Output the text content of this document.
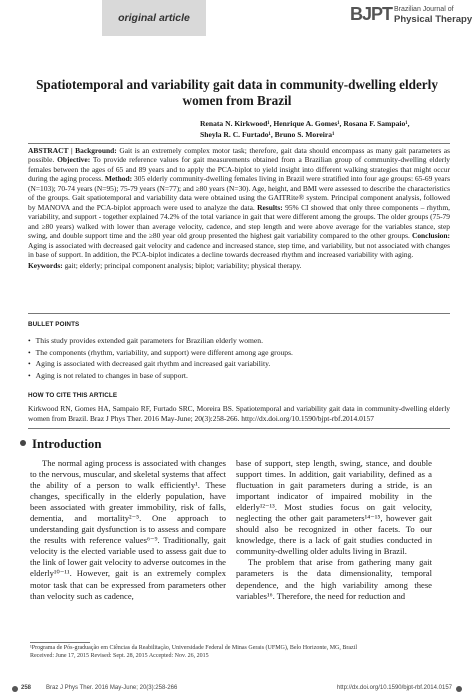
original article	BJPT Brazilian Journal of
Physical Therapy
Spatiotemporal and variability gait data in community-dwelling elderly women from Brazil
Renata N. Kirkwood¹, Henrique A. Gomes¹, Rosana F. Sampaio¹,
Sheyla R. C. Furtado¹, Bruno S. Moreira¹
ABSTRACT | Background: Gait is an extremely complex motor task; therefore, gait data should encompass as many gait parameters as possible. Objective: To provide reference values for gait measurements obtained from a Brazilian group of community-dwelling elderly females between the ages of 65 and 89 years and to apply the PCA-biplot to yield insight into different walking strategies that might occur during the aging process. Method: 305 elderly community-dwelling females living in Brazil were stratified into four age groups: 65-69 years (N=103); 70-74 years (N=95); 75-79 years (N=77); and ≥80 years (N=30). Age, height, and BMI were assessed to describe the characteristics of the groups. Gait spatiotemporal and variability data were obtained using the GAITRite® system. Principal component analysis, followed by MANOVA and the PCA-biplot approach were used to analyze the data. Results: 95% CI showed that only three components – rhythm, variability, and support - together explained 74.2% of the total variance in gait that were different among the groups. The older groups (75-79 and ≥80 years) walked with lower than average velocity, cadence, and step length and were above average for the variables stance, step swing, and double support time and the ≥80 year old group presented the highest gait variability compared to the other groups. Conclusion: Aging is associated with decreased gait velocity and cadence and increased stance, step time, and variability, but not associated with changes in base of support. In addition, the PCA-biplot indicates a decline towards decreased rhythm and increased variability with aging.
Keywords: gait; elderly; principal component analysis; biplot; variability; physical therapy.
BULLET POINTS
• This study provides extended gait parameters for Brazilian elderly women.
• The components (rhythm, variability, and support) were different among age groups.
• Aging is associated with decreased gait rhythm and increased gait variability.
• Aging is not related to changes in base of support.
HOW TO CITE THIS ARTICLE
Kirkwood RN, Gomes HA, Sampaio RF, Furtado SRC, Moreira BS. Spatiotemporal and variability gait data in community-dwelling elderly women from Brazil. Braz J Phys Ther. 2016 May-June; 20(3):258-266. http://dx.doi.org/10.1590/bjpt-rbf.2014.0157
Introduction

The normal aging process is associated with changes to the nervous, muscular, and skeletal systems that affect the ability of a person to walk efficiently¹. These changes, specifically in the elderly population, have been associated with greater immobility, risk of falls, dementia, and mortality²⁻⁵. One approach to understanding gait dysfunction is to assess and compare the results with reference values⁶⁻⁹. Traditionally, gait velocity is the elected variable used to assess gait due to the link of lower gait velocity to adverse outcomes in the elderly¹⁰⁻¹¹. However, gait is an extremely complex motor task that can be expressed from parameters other than velocity such as cadence,

base of support, step length, swing, stance, and double support times. In addition, gait variability, defined as a fluctuation in gait parameters during a stride, is an important indicator of impaired mobility in the elderly¹²⁻¹³. Most studies focus on gait velocity, neglecting the other gait parameters¹⁴⁻¹⁵, however gait should also be recognized in other facets. To our knowledge, there is a lack of gait studies conducted in community-dwelling older adults living in Brazil.

The problem that arise from gathering many gait parameters is the data dimensionality, temporal dependence, and the high variability among these variables¹⁶. Therefore, the need for reduction and

¹Programa de Pós-graduação em Ciências da Reabilitação, Universidade Federal de Minas Gerais (UFMG), Belo Horizonte, MG, Brazil
Received: June 17, 2015 Revised: Sept. 28, 2015 Accepted: Nov. 26, 2015
258 Braz J Phys Ther. 2016 May-June; 20(3):258-266	http://dx.doi.org/10.1590/bjpt-rbf.2014.0157
